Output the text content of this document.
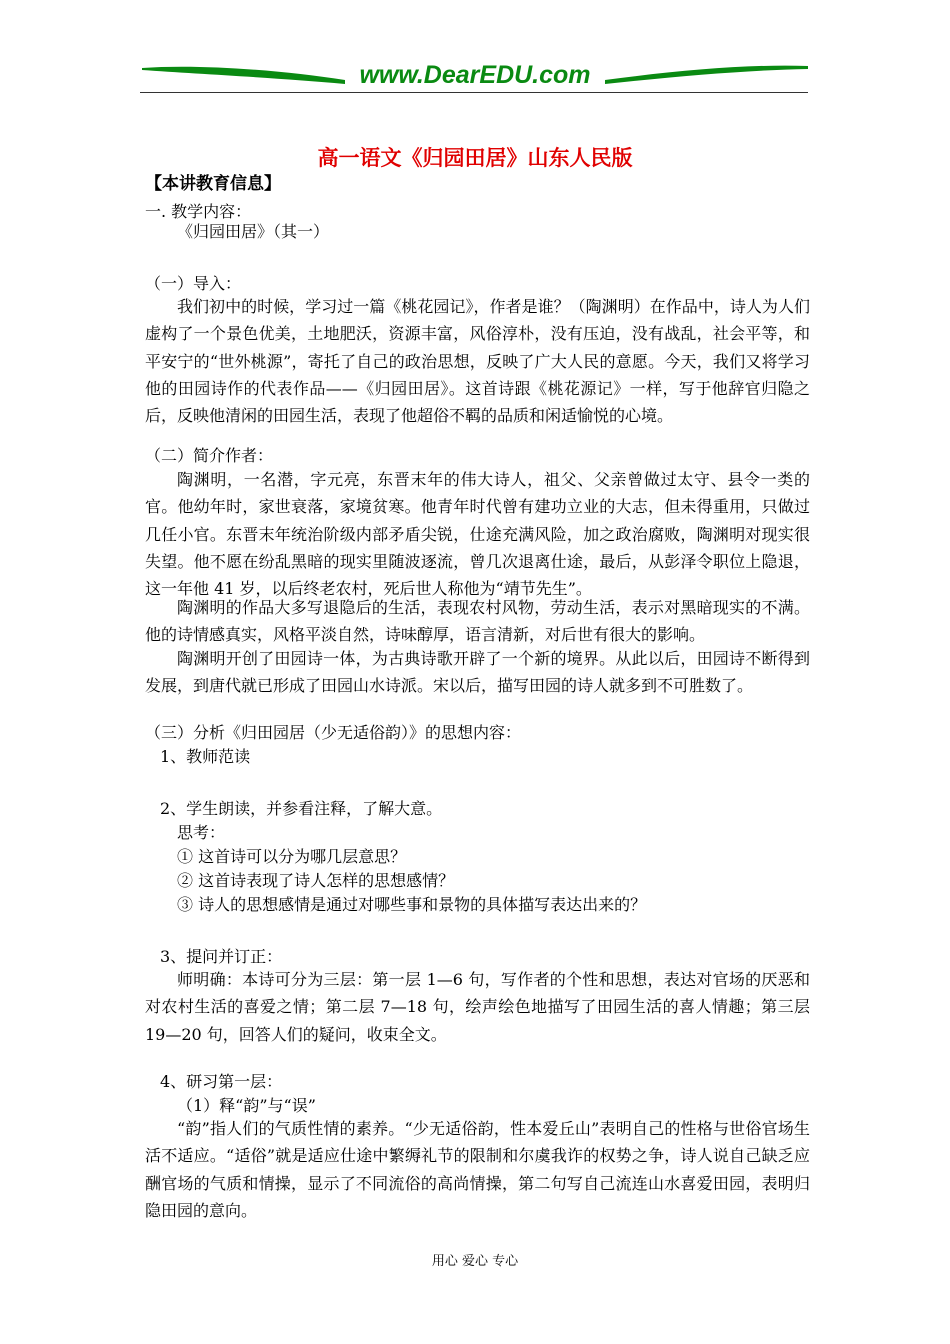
www.DearEDU.com
高一语文《归园田居》山东人民版
【本讲教育信息】
一. 教学内容：
《归园田居》（其一）
（一）导入：
我们初中的时候，学习过一篇《桃花园记》，作者是谁？（陶渊明）在作品中，诗人为人们虚构了一个景色优美，土地肥沃，资源丰富，风俗淳朴，没有压迫，没有战乱，社会平等，和平安宁的“世外桃源”，寄托了自己的政治思想，反映了广大人民的意愿。今天，我们又将学习他的田园诗作的代表作品——《归园田居》。这首诗跟《桃花源记》一样，写于他辞官归隐之后，反映他清闲的田园生活，表现了他超俗不羁的品质和闲适愉悦的心境。
（二）简介作者：
陶渊明，一名潜，字元亮，东晋末年的伟大诗人，祖父、父亲曾做过太守、县令一类的官。他幼年时，家世衰落，家境贫寒。他青年时代曾有建功立业的大志，但未得重用，只做过几任小官。东晋末年统治阶级内部矛盾尖锐，仕途充满风险，加之政治腐败，陶渊明对现实很失望。他不愿在纷乱黑暗的现实里随波逐流，曾几次退离仕途，最后，从彭泽令职位上隐退，这一年他 41 岁，以后终老农村，死后世人称他为“靖节先生”。
陶渊明的作品大多写退隐后的生活，表现农村风物，劳动生活，表示对黑暗现实的不满。他的诗情感真实，风格平淡自然，诗味醇厚，语言清新，对后世有很大的影响。
陶渊明开创了田园诗一体，为古典诗歌开辟了一个新的境界。从此以后，田园诗不断得到发展，到唐代就已形成了田园山水诗派。宋以后，描写田园的诗人就多到不可胜数了。
（三）分析《归田园居（少无适俗韵）》的思想内容：
1、教师范读
2、学生朗读，并参看注释，了解大意。
思考：
① 这首诗可以分为哪几层意思？
② 这首诗表现了诗人怎样的思想感情？
③ 诗人的思想感情是通过对哪些事和景物的具体描写表达出来的？
3、提问并订正：
师明确：本诗可分为三层：第一层 1—6 句，写作者的个性和思想，表达对官场的厌恶和对农村生活的喜爱之情；第二层 7—18 句，绘声绘色地描写了田园生活的喜人情趣；第三层 19—20 句，回答人们的疑问，收束全文。
4、研习第一层：
（1）释“韵”与“误”
“韵”指人们的气质性情的素养。“少无适俗韵，性本爱丘山”表明自己的性格与世俗官场生活不适应。“适俗”就是适应仕途中繁缛礼节的限制和尔虞我诈的权势之争，诗人说自己缺乏应酬官场的气质和情操，显示了不同流俗的高尚情操，第二句写自己流连山水喜爱田园，表明归隐田园的意向。
用心 爱心 专心
